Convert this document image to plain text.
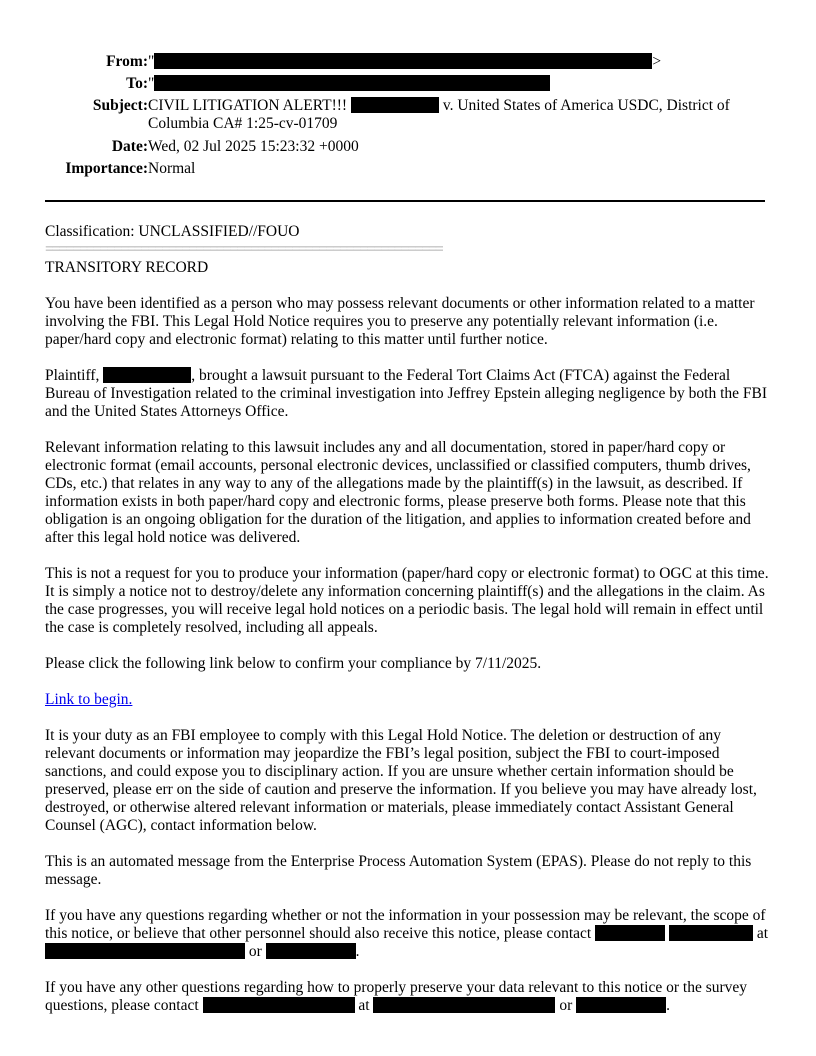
From: "	>
To: "
Subject: CIVIL LITIGATION ALERT!!!	v. United States of America USDC, District of Columbia CA# 1:25-cv-01709
Date: Wed, 02 Jul 2025 15:23:32 +0000
Importance: Normal

Classification: UNCLASSIFIED//FOUO

==========================================================

TRANSITORY RECORD

You have been identified as a person who may possess relevant documents or other information related to a matter involving the FBI. This Legal Hold Notice requires you to preserve any potentially relevant information (i.e. paper/hard copy and electronic format) relating to this matter until further notice.

Plaintiff,	, brought a lawsuit pursuant to the Federal Tort Claims Act (FTCA) against the Federal Bureau of Investigation related to the criminal investigation into Jeffrey Epstein alleging negligence by both the FBI and the United States Attorneys Office.

Relevant information relating to this lawsuit includes any and all documentation, stored in paper/hard copy or electronic format (email accounts, personal electronic devices, unclassified or classified computers, thumb drives, CDs, etc.) that relates in any way to any of the allegations made by the plaintiff(s) in the lawsuit, as described. If information exists in both paper/hard copy and electronic forms, please preserve both forms. Please note that this obligation is an ongoing obligation for the duration of the litigation, and applies to information created before and after this legal hold notice was delivered.

This is not a request for you to produce your information (paper/hard copy or electronic format) to OGC at this time. It is simply a notice not to destroy/delete any information concerning plaintiff(s) and the allegations in the claim. As the case progresses, you will receive legal hold notices on a periodic basis. The legal hold will remain in effect until the case is completely resolved, including all appeals.

Please click the following link below to confirm your compliance by 7/11/2025.

Link to begin.

It is your duty as an FBI employee to comply with this Legal Hold Notice. The deletion or destruction of any relevant documents or information may jeopardize the FBI’s legal position, subject the FBI to court-imposed sanctions, and could expose you to disciplinary action. If you are unsure whether certain information should be preserved, please err on the side of caution and preserve the information. If you believe you may have already lost, destroyed, or otherwise altered relevant information or materials, please immediately contact Assistant General Counsel (AGC), contact information below.

This is an automated message from the Enterprise Process Automation System (EPAS). Please do not reply to this message.

If you have any questions regarding whether or not the information in your possession may be relevant, the scope of this notice, or believe that other personnel should also receive this notice, please contact	at  or	.

If you have any other questions regarding how to properly preserve your data relevant to this notice or the survey questions, please contact	at	or	.
